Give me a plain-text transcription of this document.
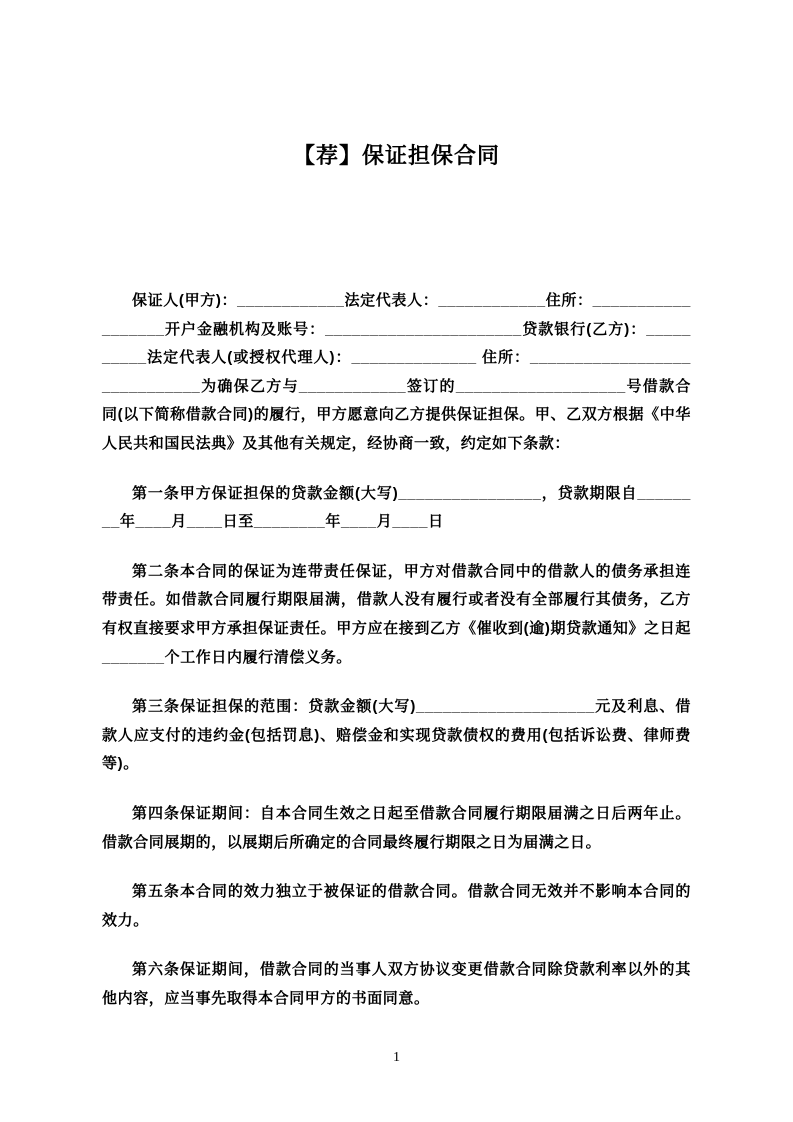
【荐】保证担保合同

保证人(甲方)：____________法定代表人：____________住所：__________________开户金融机构及账号：______________________贷款银行(乙方)：__________法定代表人(或授权代理人)：______________ 住所：_____________________________为确保乙方与____________签订的___________________号借款合同(以下简称借款合同)的履行，甲方愿意向乙方提供保证担保。甲、乙双方根据《中华人民共和国民法典》及其他有关规定，经协商一致，约定如下条款：

第一条甲方保证担保的贷款金额(大写)________________，贷款期限自________年____月____日至________年____月____日

第二条本合同的保证为连带责任保证，甲方对借款合同中的借款人的债务承担连带责任。如借款合同履行期限届满，借款人没有履行或者没有全部履行其债务，乙方有权直接要求甲方承担保证责任。甲方应在接到乙方《催收到(逾)期贷款通知》之日起_______个工作日内履行清偿义务。

第三条保证担保的范围：贷款金额(大写)____________________元及利息、借款人应支付的违约金(包括罚息)、赔偿金和实现贷款债权的费用(包括诉讼费、律师费等)。

第四条保证期间：自本合同生效之日起至借款合同履行期限届满之日后两年止。借款合同展期的，以展期后所确定的合同最终履行期限之日为届满之日。

第五条本合同的效力独立于被保证的借款合同。借款合同无效并不影响本合同的效力。

第六条保证期间，借款合同的当事人双方协议变更借款合同除贷款利率以外的其他内容，应当事先取得本合同甲方的书面同意。

1
